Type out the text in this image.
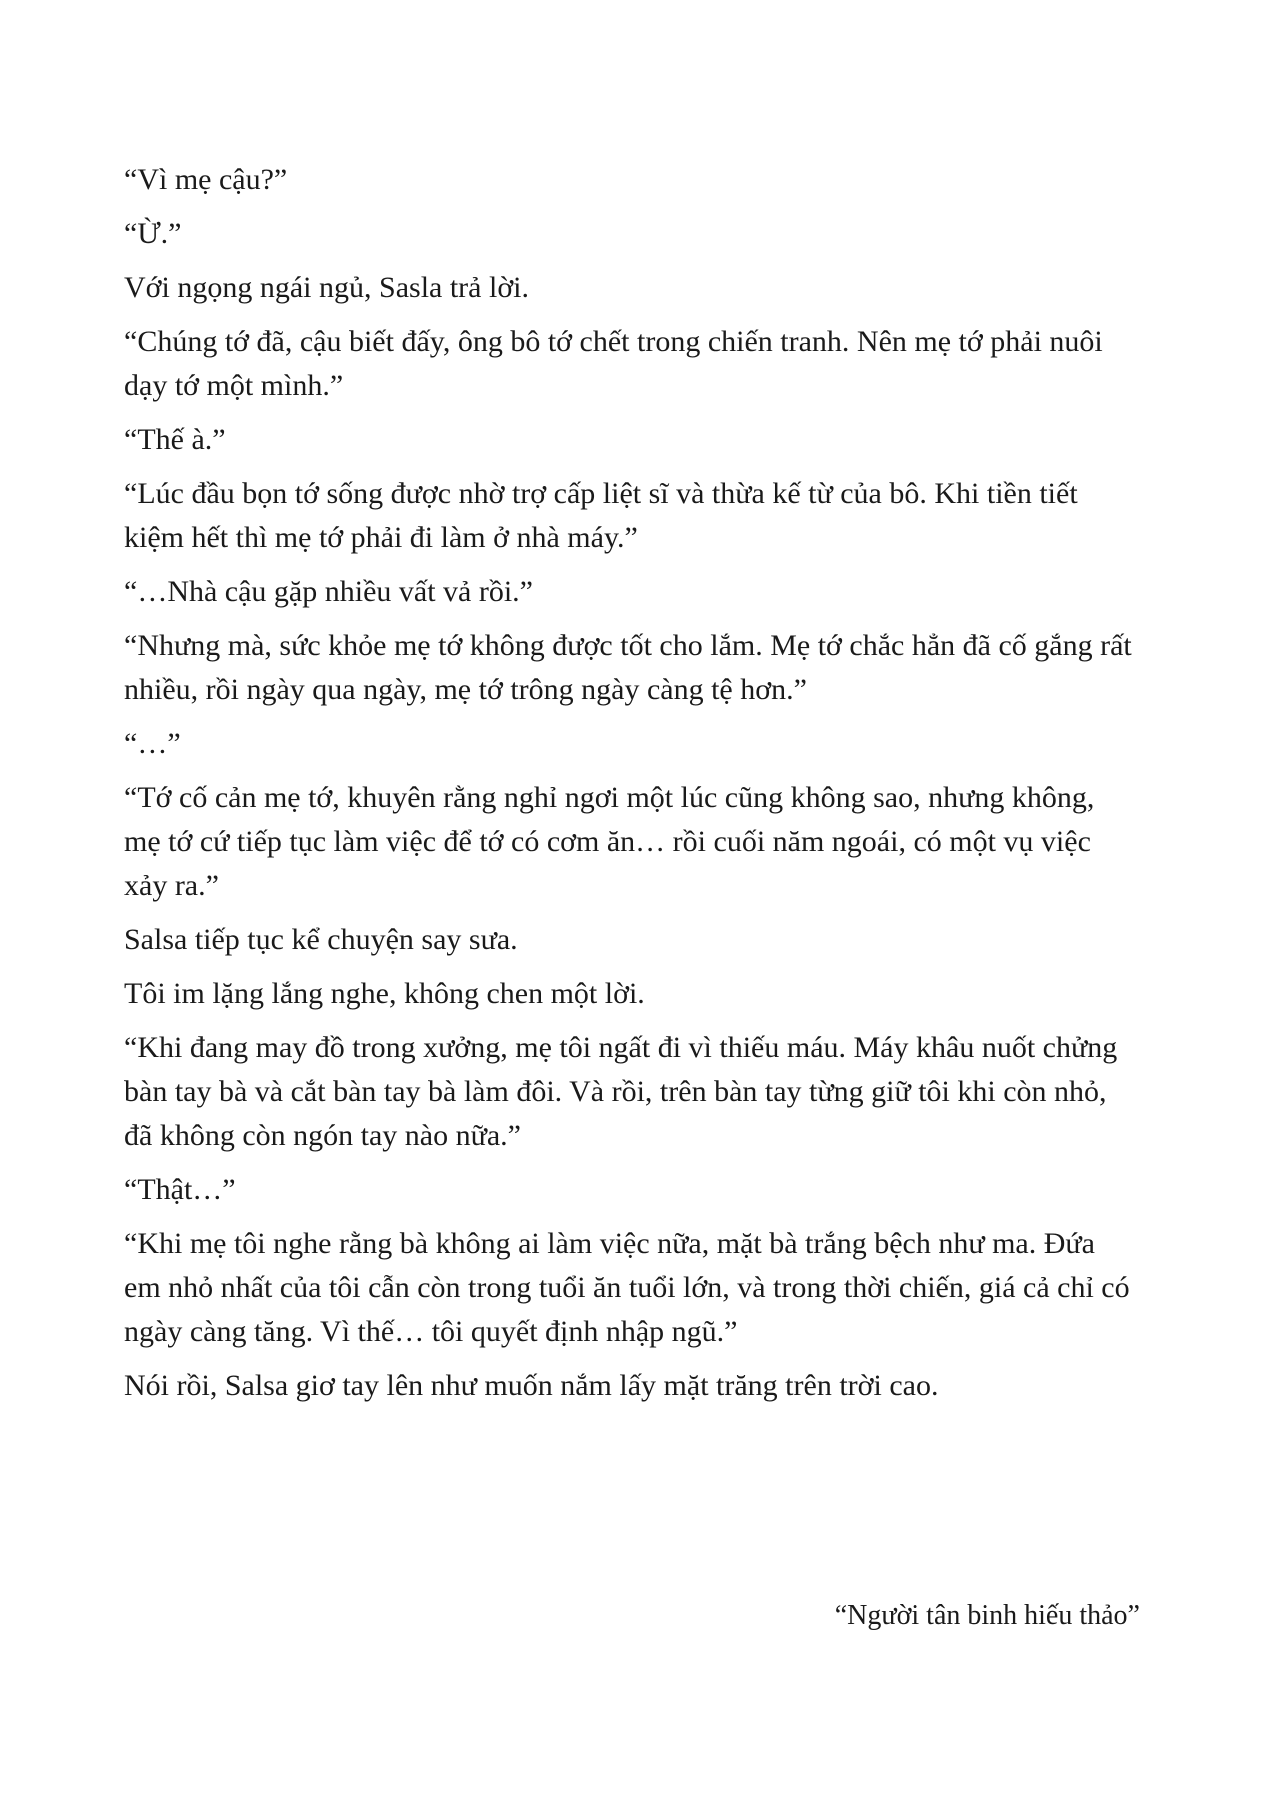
“Vì mẹ cậu?”

“Ừ.”

Với ngọng ngái ngủ, Sasla trả lời.

“Chúng tớ đã, cậu biết đấy, ông bô tớ chết trong chiến tranh. Nên mẹ tớ phải nuôi dạy tớ một mình.”

“Thế à.”

“Lúc đầu bọn tớ sống được nhờ trợ cấp liệt sĩ và thừa kế từ của bô. Khi tiền tiết kiệm hết thì mẹ tớ phải đi làm ở nhà máy.”

“…Nhà cậu gặp nhiều vất vả rồi.”

“Nhưng mà, sức khỏe mẹ tớ không được tốt cho lắm. Mẹ tớ chắc hẳn đã cố gắng rất nhiều, rồi ngày qua ngày, mẹ tớ trông ngày càng tệ hơn.”

“…”

“Tớ cố cản mẹ tớ, khuyên rằng nghỉ ngơi một lúc cũng không sao, nhưng không, mẹ tớ cứ tiếp tục làm việc để tớ có cơm ăn… rồi cuối năm ngoái, có một vụ việc xảy ra.”

Salsa tiếp tục kể chuyện say sưa.

Tôi im lặng lắng nghe, không chen một lời.

“Khi đang may đồ trong xưởng, mẹ tôi ngất đi vì thiếu máu. Máy khâu nuốt chửng bàn tay bà và cắt bàn tay bà làm đôi. Và rồi, trên bàn tay từng giữ tôi khi còn nhỏ, đã không còn ngón tay nào nữa.”

“Thật…”

“Khi mẹ tôi nghe rằng bà không ai làm việc nữa, mặt bà trắng bệch như ma. Đứa em nhỏ nhất của tôi cẫn còn trong tuổi ăn tuổi lớn, và trong thời chiến, giá cả chỉ có ngày càng tăng. Vì thế… tôi quyết định nhập ngũ.”

Nói rồi, Salsa giơ tay lên như muốn nắm lấy mặt trăng trên trời cao.

“Người tân binh hiếu thảo”
